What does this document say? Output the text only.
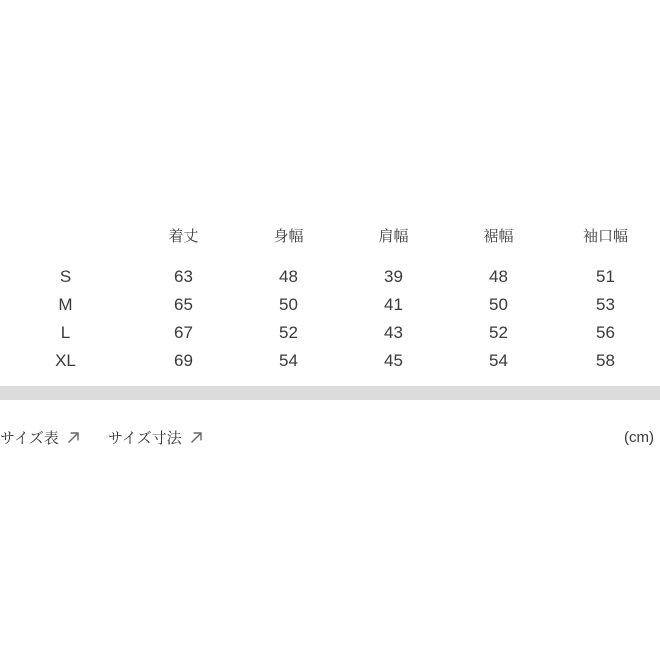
	着丈	身幅	肩幅	裾幅	袖口幅
S	63	48	39	48	51
M	65	50	41	50	53
L	67	52	43	52	56
XL	69	54	45	54	58
サイズ表	サイズ寸法	(cm)
